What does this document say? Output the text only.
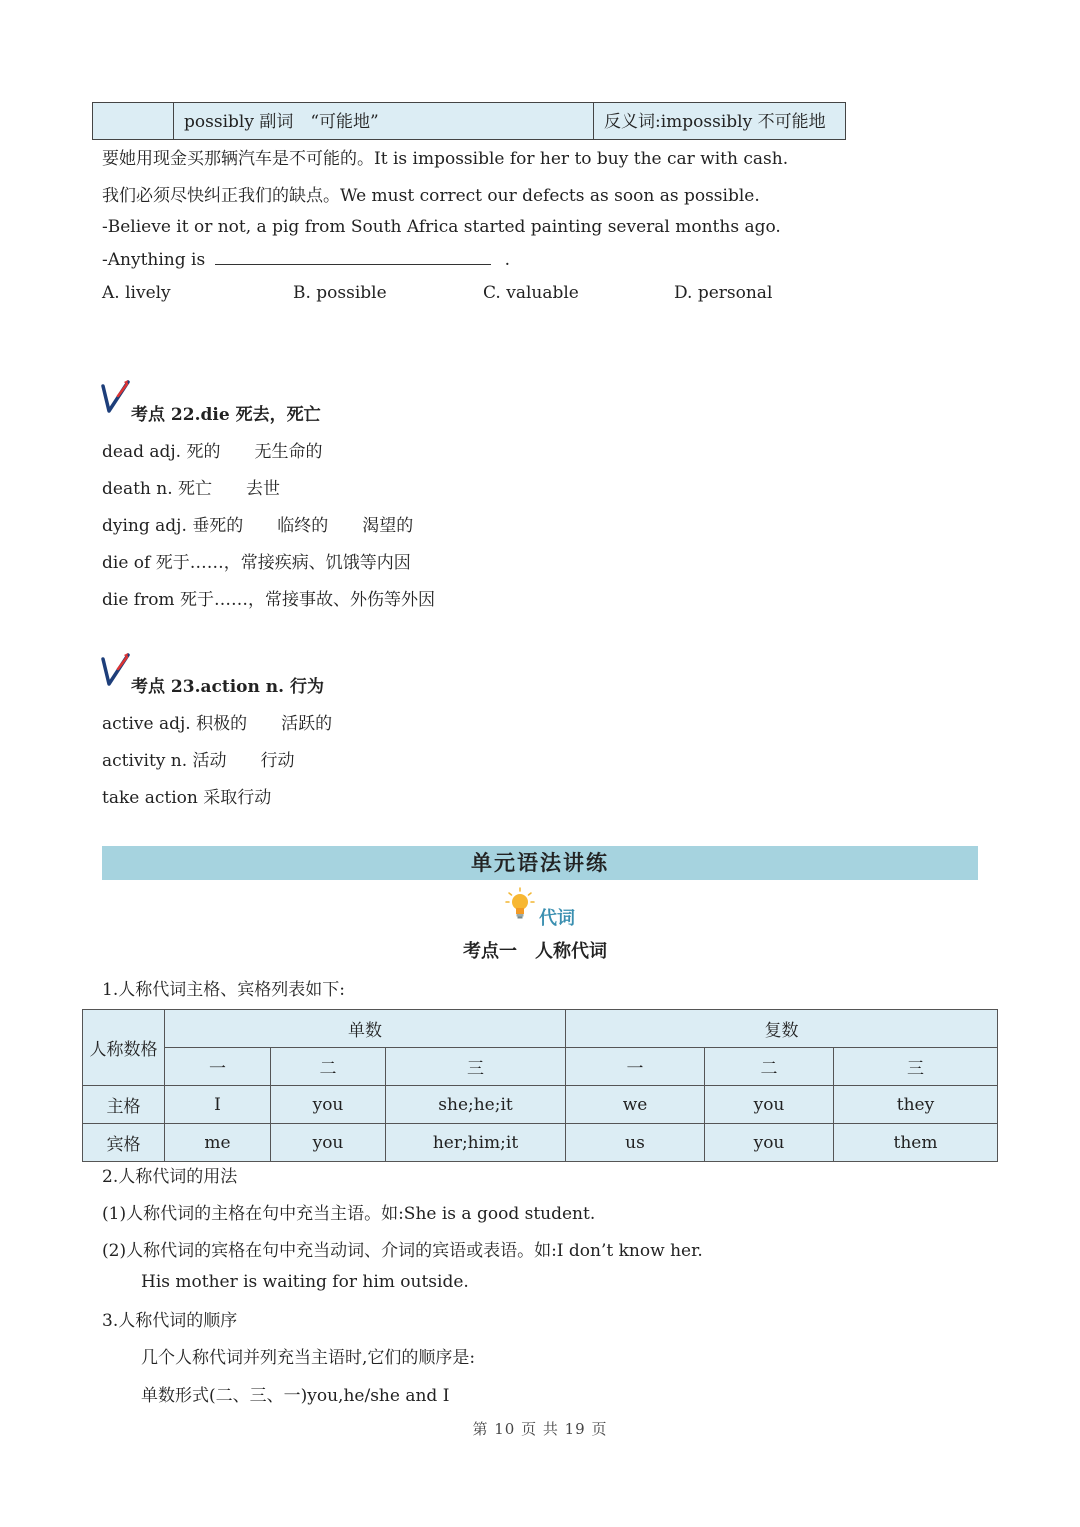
possibly 副词　“可能地”	反义词:impossibly 不可能地
要她用现金买那辆汽车是不可能的。It is impossible for her to buy the car with cash.
我们必须尽快纠正我们的缺点。We must correct our defects as soon as possible.
-Believe it or not, a pig from South Africa started painting several months ago.
-Anything is	.
A. lively	B. possible	C. valuable	D. personal
考点 22.die 死去，死亡
dead adj. 死的　　无生命的
death n. 死亡　　去世
dying adj. 垂死的　　临终的　　渴望的
die of 死于……，常接疾病、饥饿等内因
die from 死于……，常接事故、外伤等外因
考点 23.action n. 行为
active adj. 积极的　　活跃的
activity n. 活动　　行动
take action 采取行动
单元语法讲练
代词
考点一　人称代词
1.人称代词主格、宾格列表如下:
人称数格	单数			复数		
	一	二	三	一	二	三
主格	I	you	she;he;it	we	you	they
宾格	me	you	her;him;it	us	you	them
2.人称代词的用法
(1)人称代词的主格在句中充当主语。如:She is a good student.
(2)人称代词的宾格在句中充当动词、介词的宾语或表语。如:I don’t know her.
His mother is waiting for him outside.
3.人称代词的顺序
几个人称代词并列充当主语时,它们的顺序是:
单数形式(二、三、一)you,he/she and I
第 10 页 共 19 页
